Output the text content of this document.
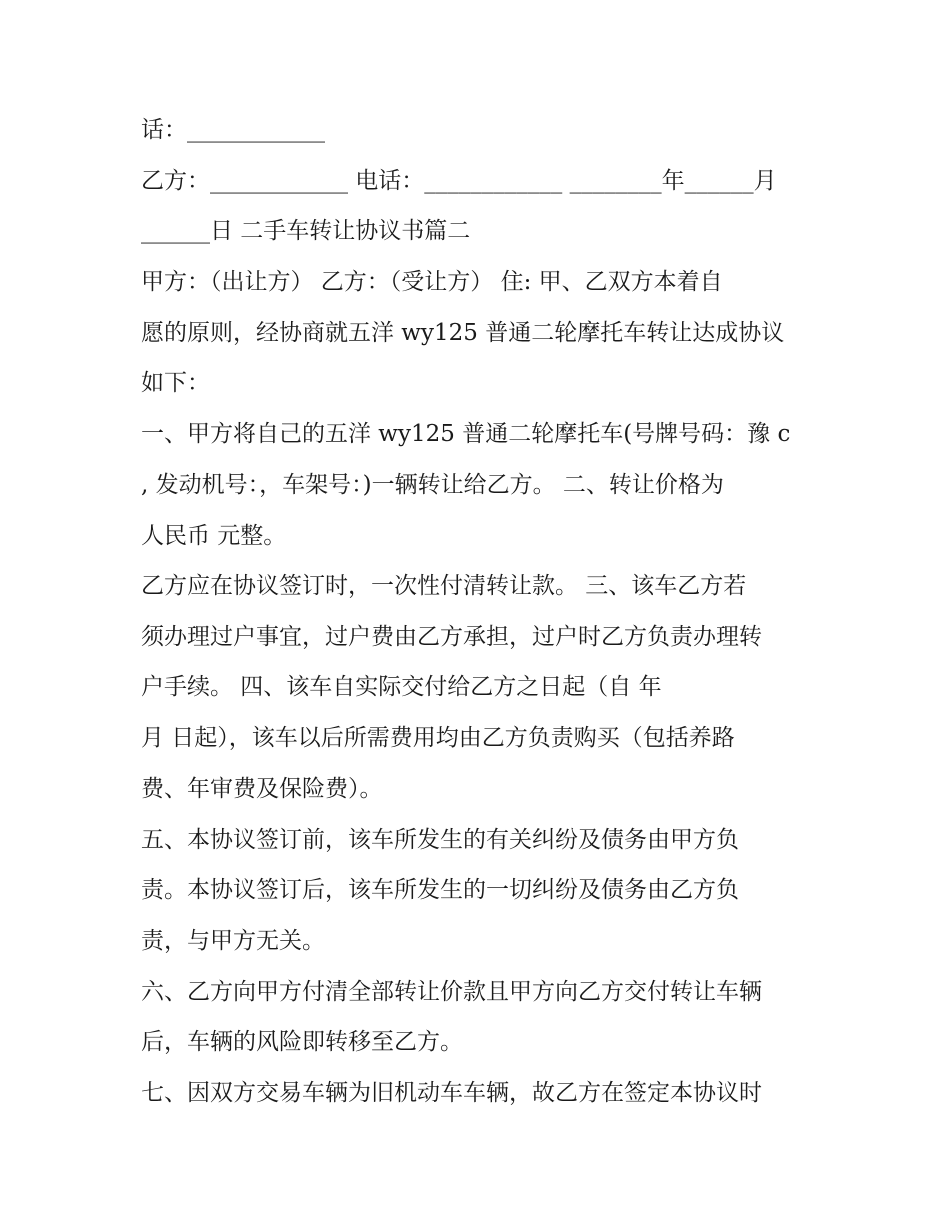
话：____________
乙方：____________ 电话：____________ ________年______月
______日 二手车转让协议书篇二
甲方：（出让方） 乙方：（受让方） 住: 甲、乙双方本着自
愿的原则，经协商就五洋 wy125 普通二轮摩托车转让达成协议
如下：
一、甲方将自己的五洋 wy125 普通二轮摩托车(号牌号码：豫 c
, 发动机号：，车架号：)一辆转让给乙方。 二、转让价格为
人民币 元整。
乙方应在协议签订时，一次性付清转让款。 三、该车乙方若
须办理过户事宜，过户费由乙方承担，过户时乙方负责办理转
户手续。 四、该车自实际交付给乙方之日起（自 年
月 日起），该车以后所需费用均由乙方负责购买（包括养路
费、年审费及保险费）。
五、本协议签订前，该车所发生的有关纠纷及债务由甲方负
责。本协议签订后，该车所发生的一切纠纷及债务由乙方负
责，与甲方无关。
六、乙方向甲方付清全部转让价款且甲方向乙方交付转让车辆
后，车辆的风险即转移至乙方。
七、因双方交易车辆为旧机动车车辆，故乙方在签定本协议时
